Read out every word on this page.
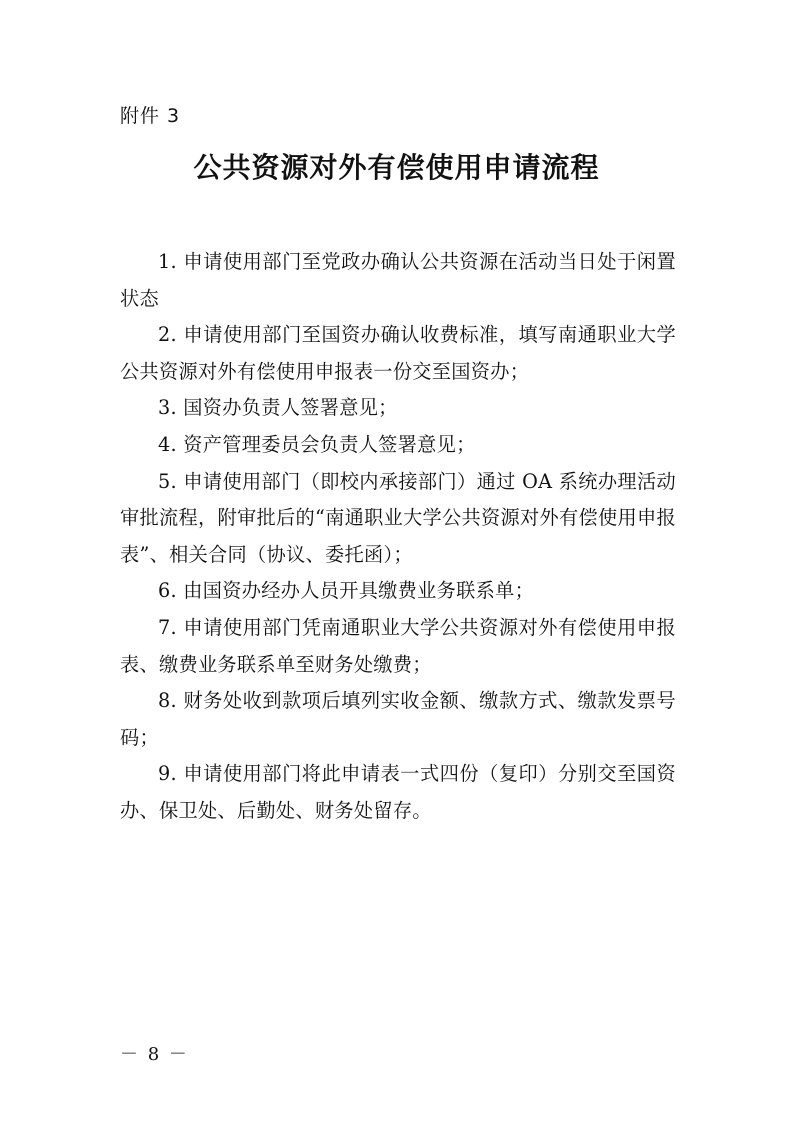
附件 3
公共资源对外有偿使用申请流程
1. 申请使用部门至党政办确认公共资源在活动当日处于闲置状态
2. 申请使用部门至国资办确认收费标准，填写南通职业大学公共资源对外有偿使用申报表一份交至国资办；
3. 国资办负责人签署意见；
4. 资产管理委员会负责人签署意见；
5. 申请使用部门（即校内承接部门）通过 OA 系统办理活动审批流程，附审批后的“南通职业大学公共资源对外有偿使用申报表”、相关合同（协议、委托函）；
6. 由国资办经办人员开具缴费业务联系单；
7. 申请使用部门凭南通职业大学公共资源对外有偿使用申报表、缴费业务联系单至财务处缴费；
8. 财务处收到款项后填列实收金额、缴款方式、缴款发票号码；
9. 申请使用部门将此申请表一式四份（复印）分别交至国资办、保卫处、后勤处、财务处留存。
－ 8 －
